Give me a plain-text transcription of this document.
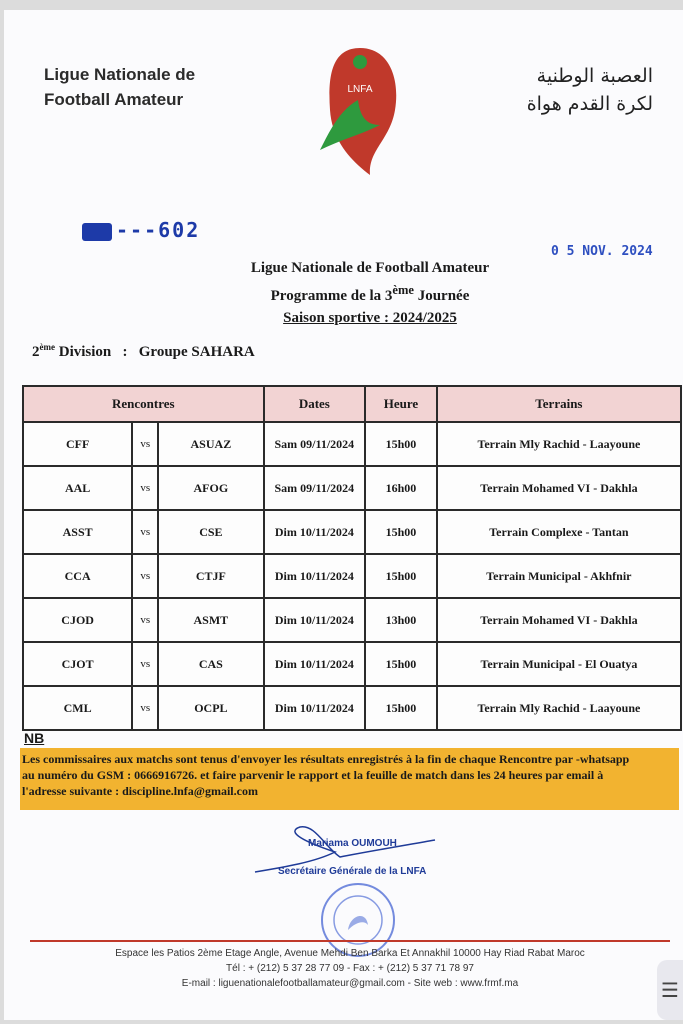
Ligue Nationale de
Football Amateur
LNFA
العصبة الوطنية
لكرة القدم هواة
---602
0 5 NOV. 2024
Ligue Nationale de Football Amateur
Programme de la 3ème Journée
Saison sportive : 2024/2025
2ème Division   :   Groupe SAHARA
Rencontres			Dates	Heure	Terrains
CFF	vs	ASUAZ	Sam 09/11/2024	15h00	Terrain Mly Rachid - Laayoune
AAL	vs	AFOG	Sam 09/11/2024	16h00	Terrain Mohamed VI - Dakhla
ASST	vs	CSE	Dim 10/11/2024	15h00	Terrain Complexe - Tantan
CCA	vs	CTJF	Dim 10/11/2024	15h00	Terrain Municipal - Akhfnir
CJOD	vs	ASMT	Dim 10/11/2024	13h00	Terrain Mohamed VI - Dakhla
CJOT	vs	CAS	Dim 10/11/2024	15h00	Terrain Municipal - El Ouatya
CML	vs	OCPL	Dim 10/11/2024	15h00	Terrain Mly Rachid - Laayoune
NB
Les commissaires aux matchs sont tenus d'envoyer les résultats enregistrés à la fin de chaque Rencontre par -whatsapp
au numéro du GSM : 0666916726. et faire parvenir le rapport et la feuille de match dans les 24 heures par email à
l'adresse suivante : discipline.lnfa@gmail.com
Mariama OUMOUH
Secrétaire Générale de la LNFA
Espace les Patios 2ème Etage Angle, Avenue Mehdi Ben Barka Et Annakhil 10000 Hay Riad Rabat Maroc
Tél : + (212) 5 37 28 77 09 - Fax : + (212) 5 37 71 78 97
E-mail : liguenationalefootballamateur@gmail.com - Site web : www.frmf.ma	☰
